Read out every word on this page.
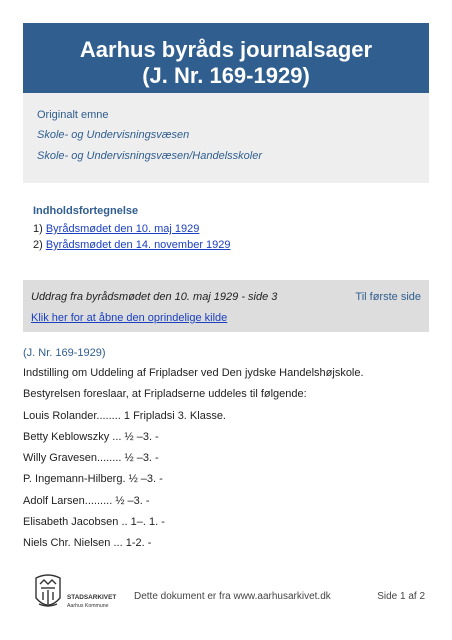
Aarhus byråds journalsager
(J. Nr. 169-1929)
Originalt emne
Skole- og Undervisningsvæsen
Skole- og Undervisningsvæsen/Handelsskoler
Indholdsfortegnelse
1) Byrådsmødet den 10. maj 1929
2) Byrådsmødet den 14. november 1929
Uddrag fra byrådsmødet den 10. maj 1929 - side 3	Til første side
Klik her for at åbne den oprindelige kilde
(J. Nr. 169-1929)
Indstilling om Uddeling af Fripladser ved Den jydske Handelshøjskole.
Bestyrelsen foreslaar, at Fripladserne uddeles til følgende:
Louis Rolander........ 1 Fripladsi 3. Klasse.
Betty Keblowszky ... ½ –3. -
Willy Gravesen........ ½ –3. -
P. Ingemann-Hilberg. ½ –3. -
Adolf Larsen......... ½ –3. -
Elisabeth Jacobsen .. 1–. 1. -
Niels Chr. Nielsen ... 1-2. -
STADSARKIVET
Aarhus Kommune
Dette dokument er fra www.aarhusarkivet.dk	Side 1 af 2
